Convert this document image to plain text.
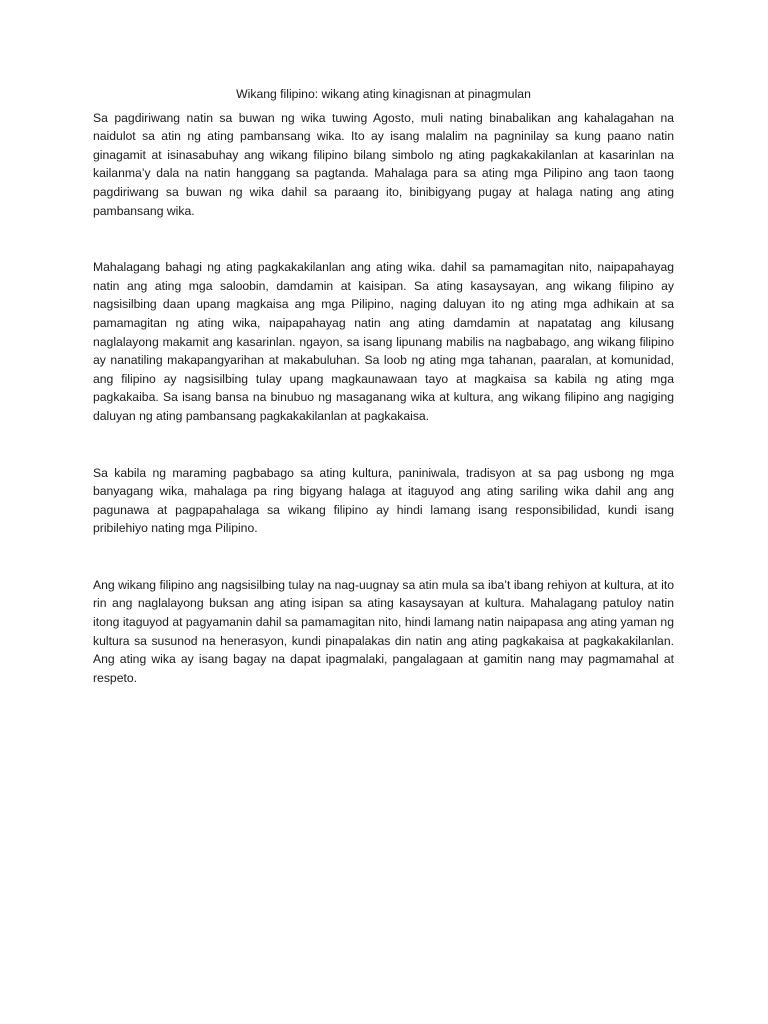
Wikang filipino: wikang ating kinagisnan at pinagmulan

Sa pagdiriwang natin sa buwan ng wika tuwing Agosto, muli nating binabalikan ang kahalagahan na naidulot sa atin ng ating pambansang wika. Ito ay isang malalim na pagninilay sa kung paano natin ginagamit at isinasabuhay ang wikang filipino bilang simbolo ng ating pagkakakilanlan at kasarinlan na kailanma’y dala na natin hanggang sa pagtanda. Mahalaga para sa ating mga Pilipino ang taon taong pagdiriwang sa buwan ng wika dahil sa paraang ito, binibigyang pugay at halaga nating ang ating pambansang wika.

Mahalagang bahagi ng ating pagkakakilanlan ang ating wika. dahil sa pamamagitan nito, naipapahayag natin ang ating mga saloobin, damdamin at kaisipan. Sa ating kasaysayan, ang wikang filipino ay nagsisilbing daan upang magkaisa ang mga Pilipino, naging daluyan ito ng ating mga adhikain at sa pamamagitan ng ating wika, naipapahayag natin ang ating damdamin at napatatag ang kilusang naglalayong makamit ang kasarinlan. ngayon, sa isang lipunang mabilis na nagbabago, ang wikang filipino ay nanatiling makapangyarihan at makabuluhan. Sa loob ng ating mga tahanan, paaralan, at komunidad, ang filipino ay nagsisilbing tulay upang magkaunawaan tayo at magkaisa sa kabila ng ating mga pagkakaiba. Sa isang bansa na binubuo ng masaganang wika at kultura, ang wikang filipino ang nagiging daluyan ng ating pambansang pagkakakilanlan at pagkakaisa.

Sa kabila ng maraming pagbabago sa ating kultura, paniniwala, tradisyon at sa pag usbong ng mga banyagang wika, mahalaga pa ring bigyang halaga at itaguyod ang ating sariling wika dahil ang ang pagunawa at pagpapahalaga sa wikang filipino ay hindi lamang isang responsibilidad, kundi isang pribilehiyo nating mga Pilipino.

Ang wikang filipino ang nagsisilbing tulay na nag-uugnay sa atin mula sa iba’t ibang rehiyon at kultura, at ito rin ang naglalayong buksan ang ating isipan sa ating kasaysayan at kultura. Mahalagang patuloy natin itong itaguyod at pagyamanin dahil sa pamamagitan nito, hindi lamang natin naipapasa ang ating yaman ng kultura sa susunod na henerasyon, kundi pinapalakas din natin ang ating pagkakaisa at pagkakakilanlan. Ang ating wika ay isang bagay na dapat ipagmalaki, pangalagaan at gamitin nang may pagmamahal at respeto.
